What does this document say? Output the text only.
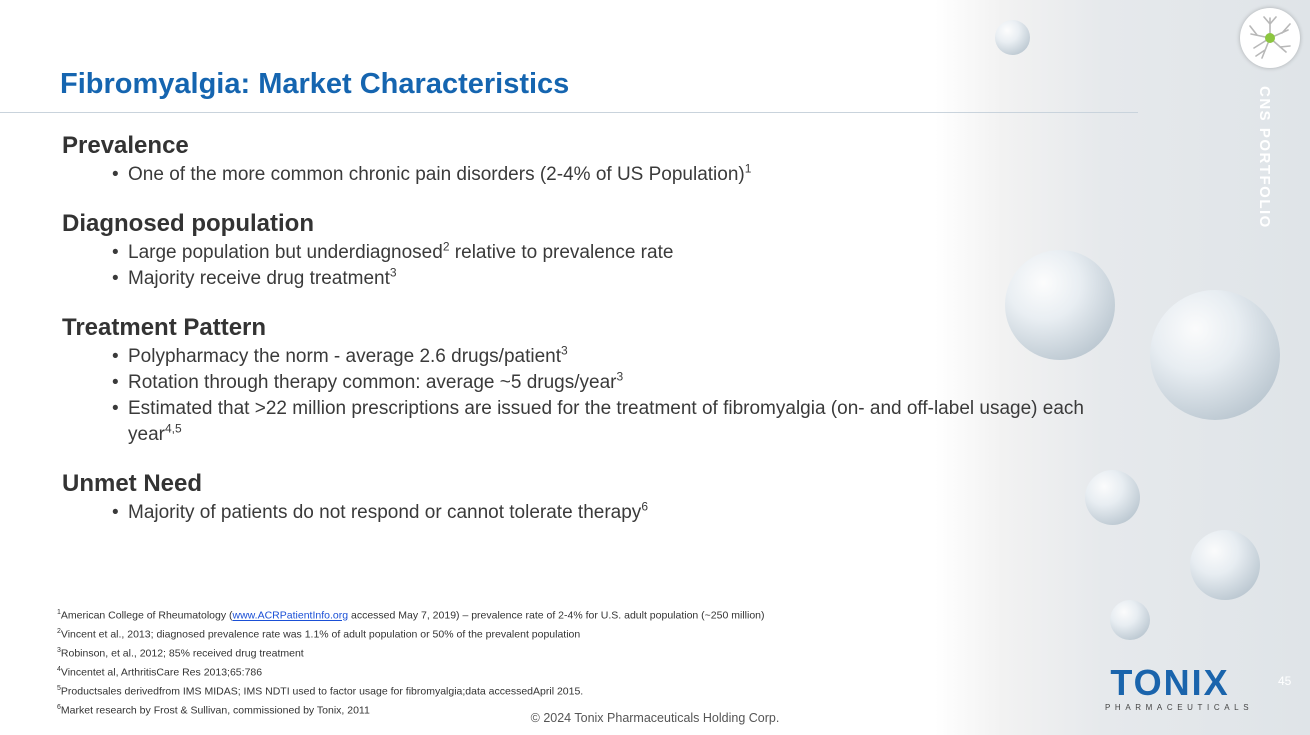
CNS PORTFOLIO
Fibromyalgia: Market Characteristics
Prevalence
• One of the more common chronic pain disorders (2-4% of US Population)$^1$
Diagnosed population
• Large population but underdiagnosed$^2$ relative to prevalence rate
• Majority receive drug treatment$^3$
Treatment Pattern
• Polypharmacy the norm - average 2.6 drugs/patient$^3$
• Rotation through therapy common: average ~5 drugs/year$^3$
• Estimated that >22 million prescriptions are issued for the treatment of fibromyalgia (on- and off-label usage) each year$^{4,5}$
Unmet Need
• Majority of patients do not respond or cannot tolerate therapy$^6$
$^1$American College of Rheumatology (www.ACRPatientInfo.org accessed May 7, 2019) – prevalence rate of 2-4% for U.S. adult population (~250 million)
$^2$Vincent et al., 2013; diagnosed prevalence rate was 1.1% of adult population or 50% of the prevalent population
$^3$Robinson, et al., 2012; 85% received drug treatment
$^4$Vincentet al, ArthritisCare Res 2013;65:786
$^5$Productsales derivedfrom IMS MIDAS; IMS NDTI used to factor usage for fibromyalgia;data accessedApril 2015.
$^6$Market research by Frost & Sullivan, commissioned by Tonix, 2011
TONIX
PHARMACEUTICALS
45
© 2024 Tonix Pharmaceuticals Holding Corp.
